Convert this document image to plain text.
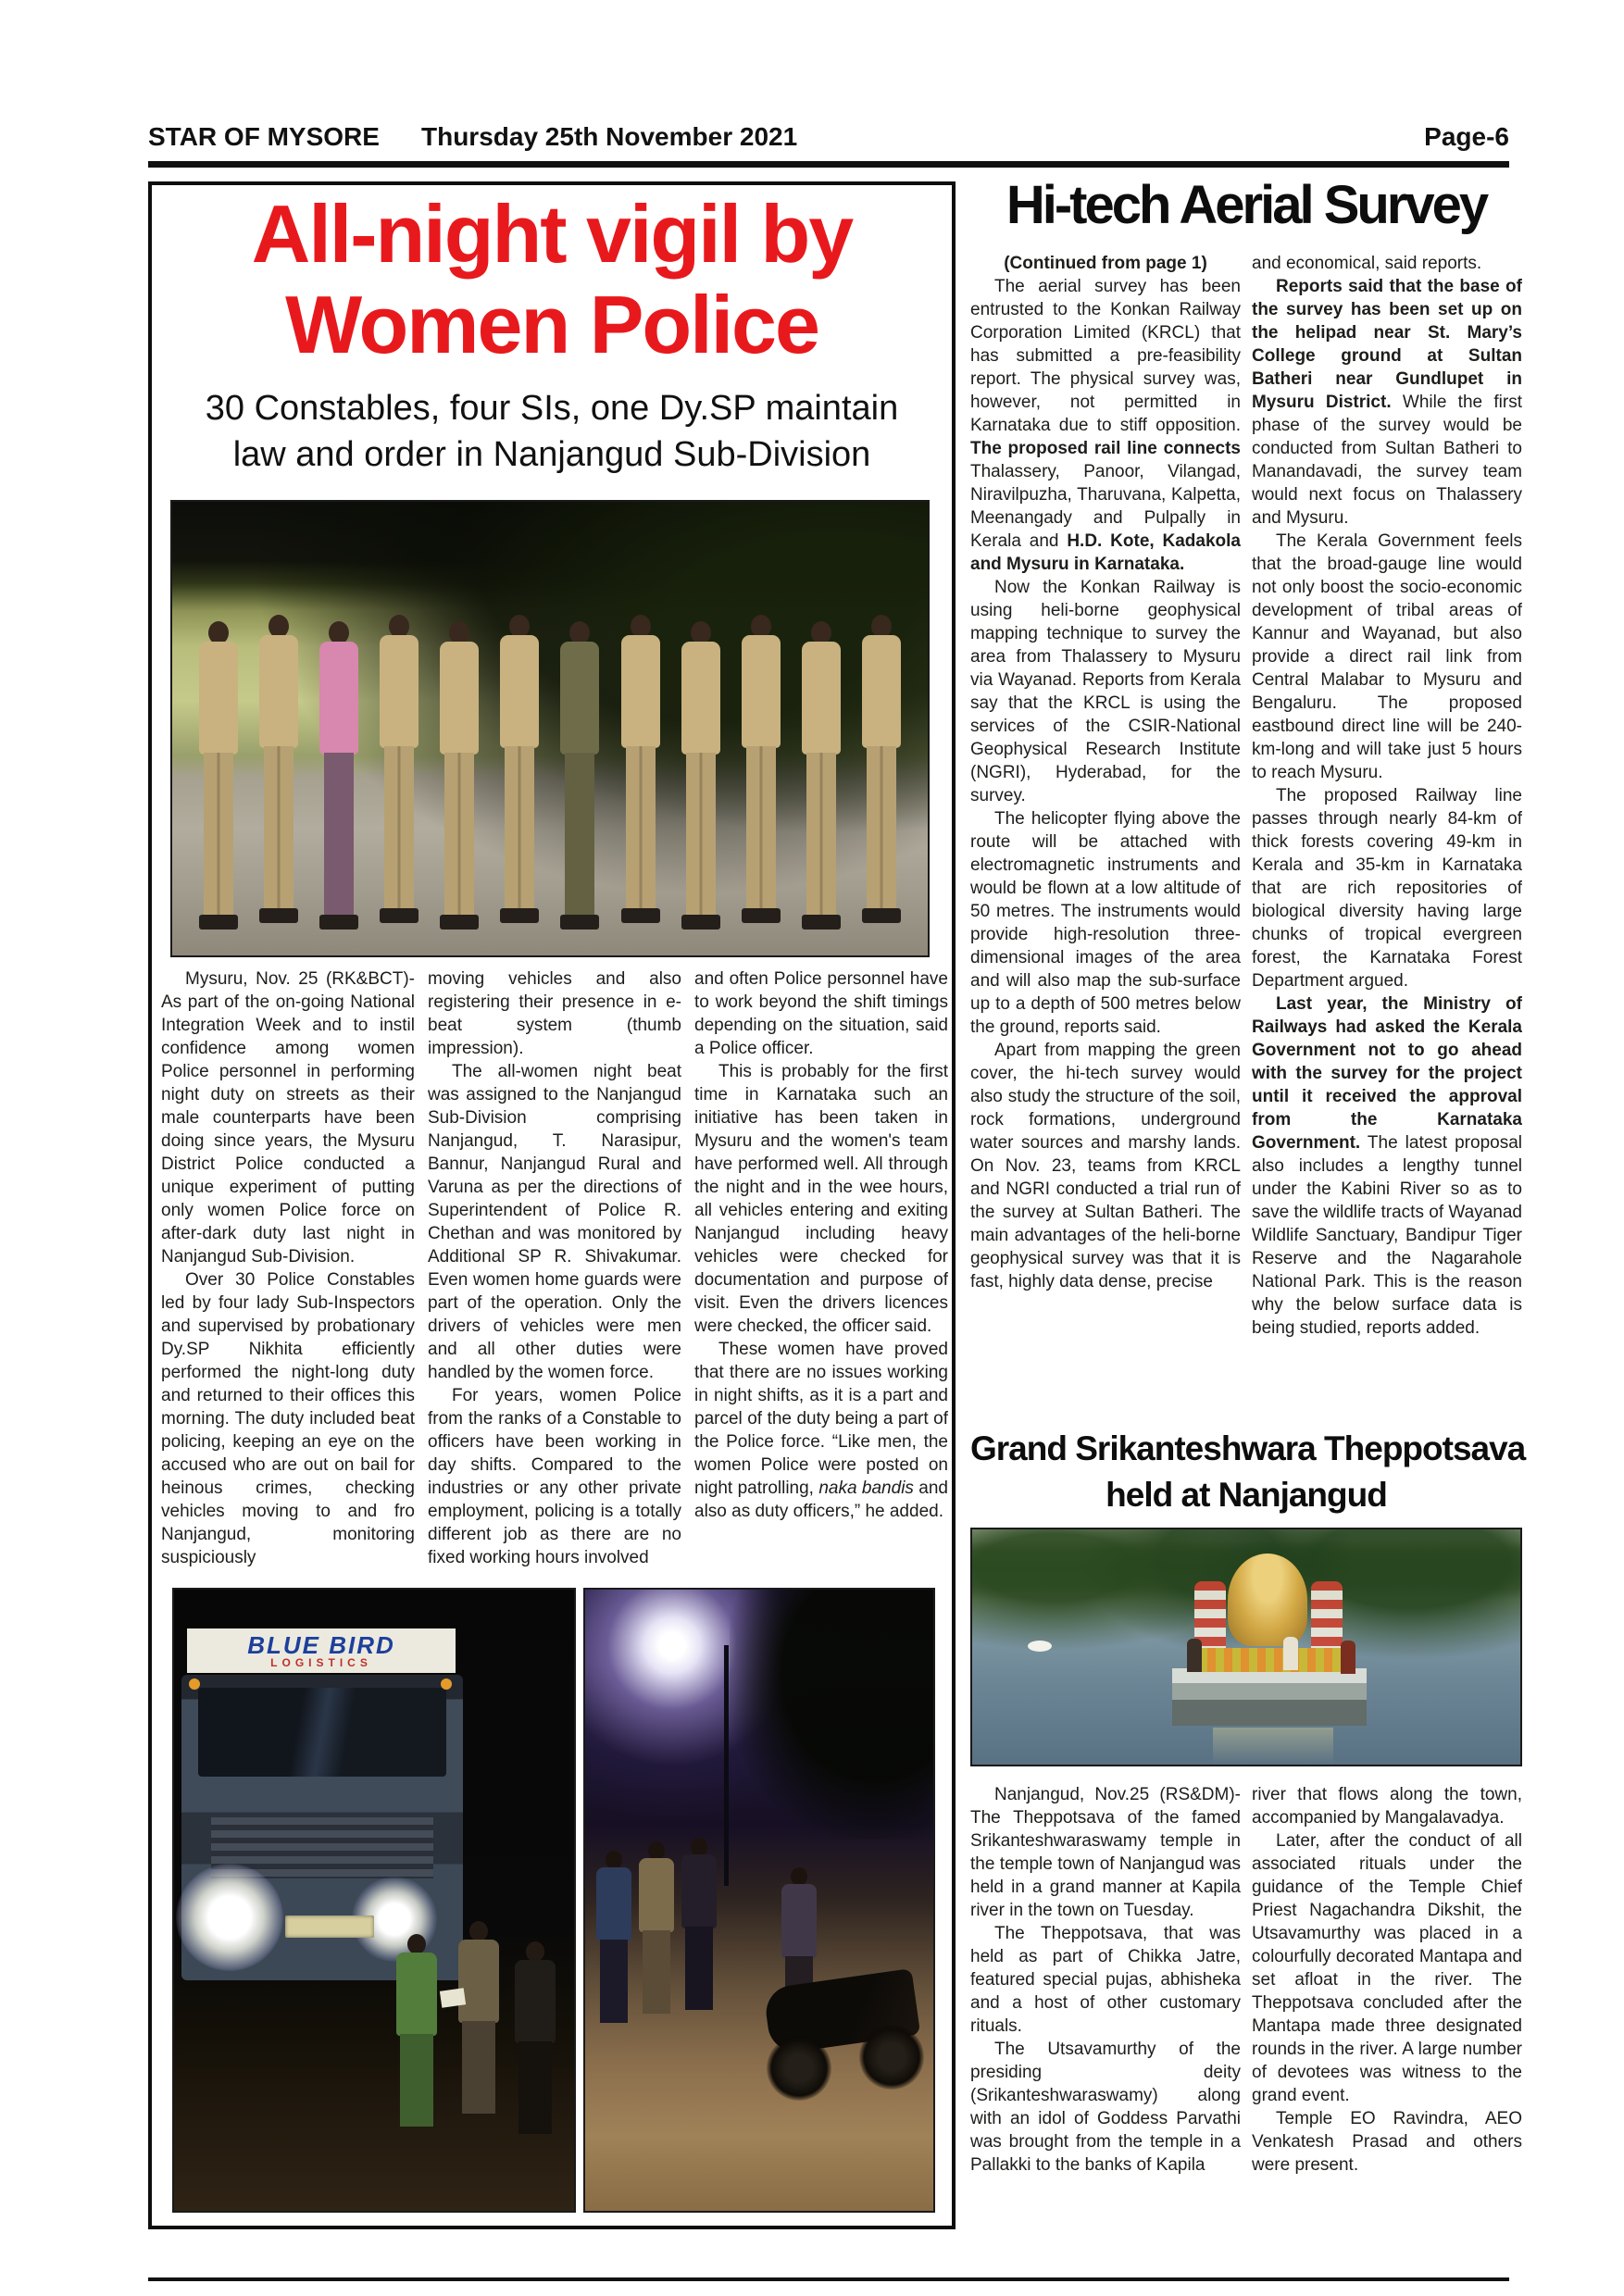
STAR OF MYSORE Thursday 25th November 2021	Page-6
All-night vigil by
Women Police
30 Constables, four SIs, one Dy.SP maintain
law and order in Nanjangud Sub-Division

Mysuru, Nov. 25 (RK&BCT)- As part of the on-going National Integration Week and to instil confidence among women Police personnel in performing night duty on streets as their male counterparts have been doing since years, the Mysuru District Police conducted a unique experiment of putting only women Police force on after-dark duty last night in Nanjangud Sub-Division.

Over 30 Police Constables led by four lady Sub-Inspectors and supervised by probationary Dy.SP Nikhita efficiently performed the night-long duty and returned to their offices this morning. The duty included beat policing, keeping an eye on the accused who are out on bail for heinous crimes, checking vehicles moving to and fro Nanjangud, monitoring suspiciously

moving vehicles and also registering their presence in e-beat system (thumb impression).

The all-women night beat was assigned to the Nanjangud Sub-Division comprising Nanjangud, T. Narasipur, Bannur, Nanjangud Rural and Varuna as per the directions of Superintendent of Police R. Chethan and was monitored by Additional SP R. Shivakumar. Even women home guards were part of the operation. Only the drivers of vehicles were men and all other duties were handled by the women force.

For years, women Police from the ranks of a Constable to officers have been working in day shifts. Compared to the industries or any other private employment, policing is a totally different job as there are no fixed working hours involved

and often Police personnel have to work beyond the shift timings depending on the situation, said a Police officer.

This is probably for the first time in Karnataka such an initiative has been taken in Mysuru and the women's team have performed well. All through the night and in the wee hours, all vehicles entering and exiting Nanjangud including heavy vehicles were checked for documentation and purpose of visit. Even the drivers licences were checked, the officer said.

These women have proved that there are no issues working in night shifts, as it is a part and parcel of the duty being a part of the Police force. “Like men, the women Police were posted on night patrolling, naka bandis and also as duty officers,” he added.

BLUE BIRD
LOGISTICS
Hi-tech Aerial Survey

(Continued from page 1)

The aerial survey has been entrusted to the Konkan Railway Corporation Limited (KRCL) that has submitted a pre-feasibility report. The physical survey was, however, not permitted in Karnataka due to stiff opposition. The proposed rail line connects Thalassery, Panoor, Vilangad, Niravilpuzha, Tharuvana, Kalpetta, Meenangady and Pulpally in Kerala and H.D. Kote, Kadakola and Mysuru in Karnataka.

Now the Konkan Railway is using heli-borne geophysical mapping technique to survey the area from Thalassery to Mysuru via Wayanad. Reports from Kerala say that the KRCL is using the services of the CSIR-National Geophysical Research Institute (NGRI), Hyderabad, for the survey.

The helicopter flying above the route will be attached with electromagnetic instruments and would be flown at a low altitude of 50 metres. The instruments would provide high-resolution three-dimensional images of the area and will also map the sub-surface up to a depth of 500 metres below the ground, reports said.

Apart from mapping the green cover, the hi-tech survey would also study the structure of the soil, rock formations, underground water sources and marshy lands. On Nov. 23, teams from KRCL and NGRI conducted a trial run of the survey at Sultan Batheri. The main advantages of the heli-borne geophysical survey was that it is fast, highly data dense, precise

and economical, said reports.

Reports said that the base of the survey has been set up on the helipad near St. Mary’s College ground at Sultan Batheri near Gundlupet in Mysuru District. While the first phase of the survey would be conducted from Sultan Batheri to Manandavadi, the survey team would next focus on Thalassery and Mysuru.

The Kerala Government feels that the broad-gauge line would not only boost the socio-economic development of tribal areas of Kannur and Wayanad, but also provide a direct rail link from Central Malabar to Mysuru and Bengaluru. The proposed eastbound direct line will be 240-km-long and will take just 5 hours to reach Mysuru.

The proposed Railway line passes through nearly 84-km of thick forests covering 49-km in Kerala and 35-km in Karnataka that are rich repositories of biological diversity having large chunks of tropical evergreen forest, the Karnataka Forest Department argued.

Last year, the Ministry of Railways had asked the Kerala Government not to go ahead with the survey for the project until it received the approval from the Karnataka Government. The latest proposal also includes a lengthy tunnel under the Kabini River so as to save the wildlife tracts of Wayanad Wildlife Sanctuary, Bandipur Tiger Reserve and the Nagarahole National Park. This is the reason why the below surface data is being studied, reports added.

Grand Srikanteshwara Theppotsava
held at Nanjangud

Nanjangud, Nov.25 (RS&DM)- The Theppotsava of the famed Srikanteshwaraswamy temple in the temple town of Nanjangud was held in a grand manner at Kapila river in the town on Tuesday.

The Theppotsava, that was held as part of Chikka Jatre, featured special pujas, abhisheka and a host of other customary rituals.

The Utsavamurthy of the presiding deity (Srikanteshwaraswamy) along with an idol of Goddess Parvathi was brought from the temple in a Pallakki to the banks of Kapila

river that flows along the town, accompanied by Mangalavadya.

Later, after the conduct of all associated rituals under the guidance of the Temple Chief Priest Nagachandra Dikshit, the Utsavamurthy was placed in a colourfully decorated Mantapa and set afloat in the river. The Theppotsava concluded after the Mantapa made three designated rounds in the river. A large number of devotees was witness to the grand event.

Temple EO Ravindra, AEO Venkatesh Prasad and others were present.
